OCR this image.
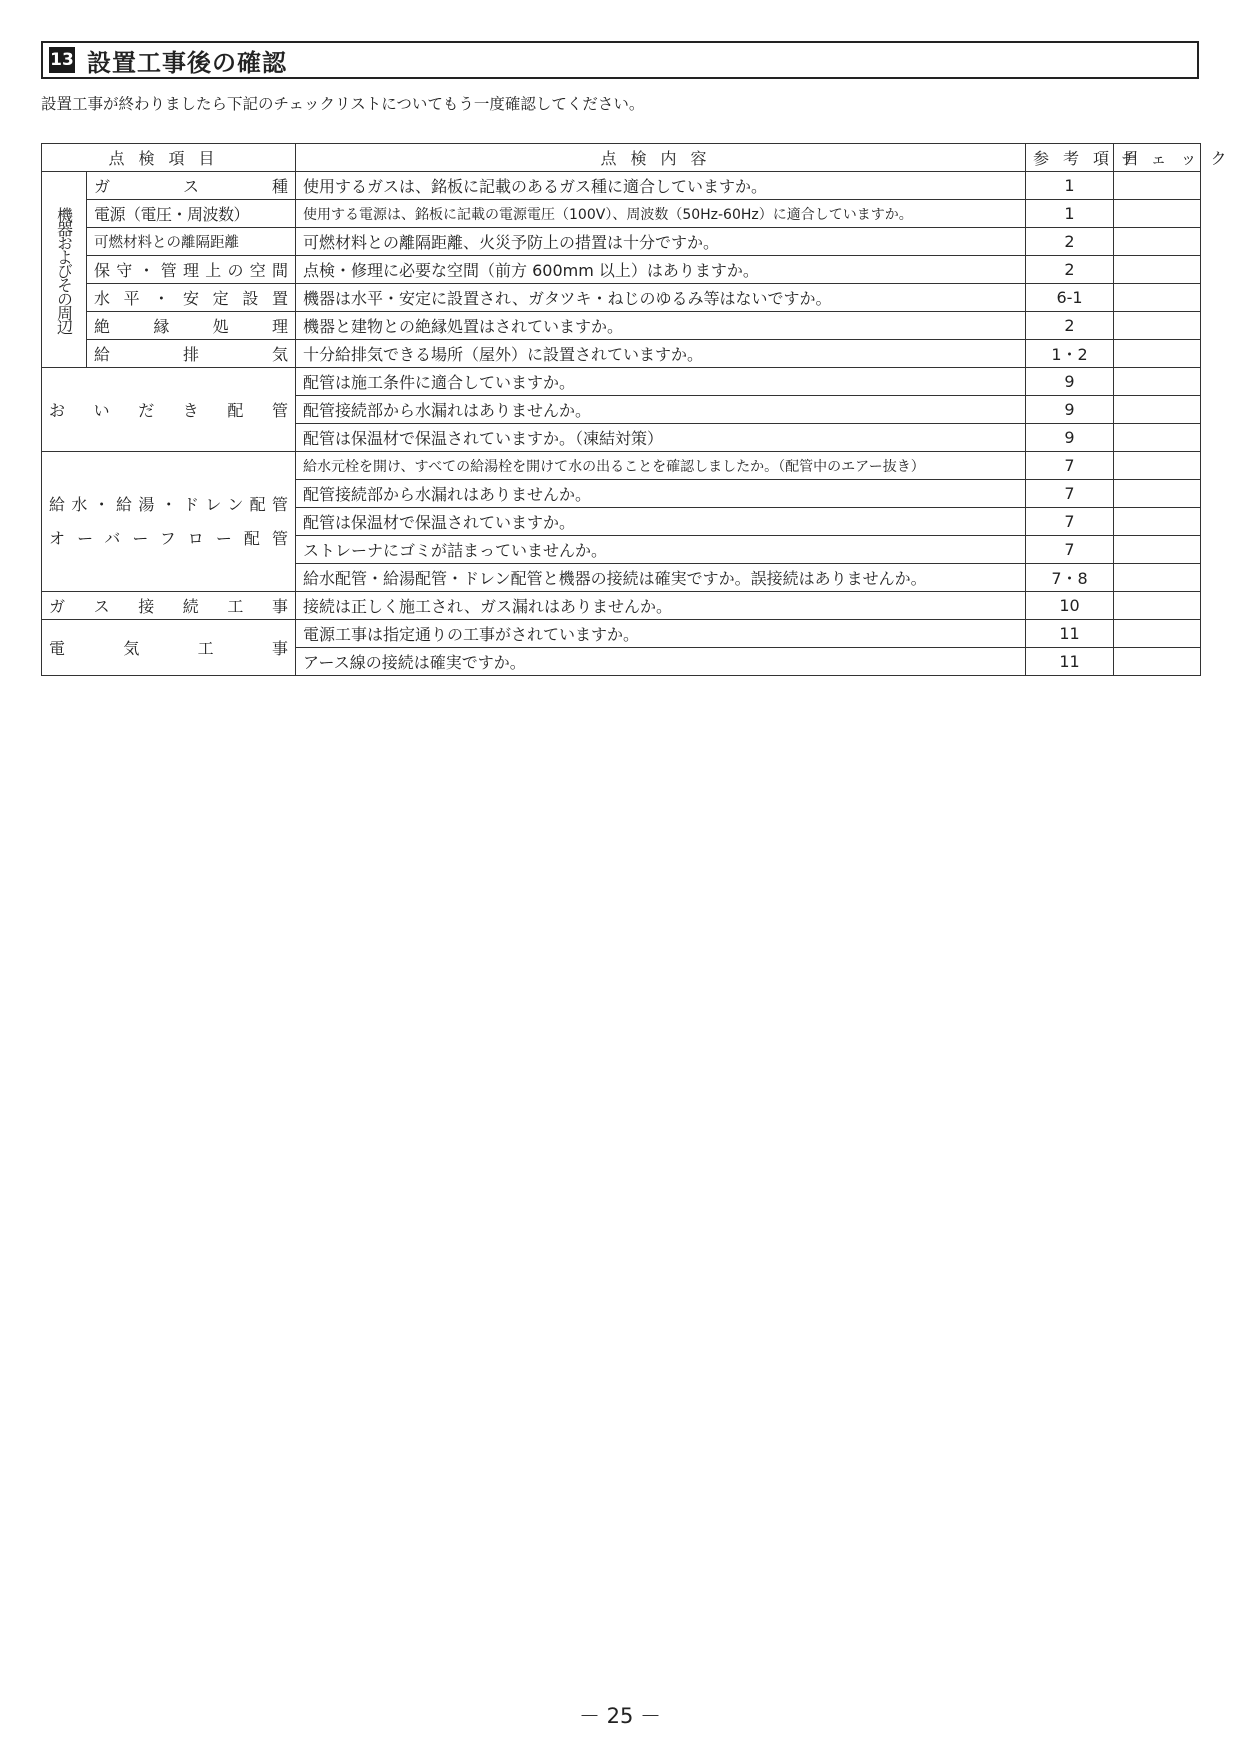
13 設置工事後の確認
設置工事が終わりましたら下記のチェックリストについてもう一度確認してください。
点検項目		点検内容	参考項目	チェック
機器およびその周辺	ガス種	使用するガスは、銘板に記載のあるガス種に適合していますか。	1	
	電源（電圧・周波数）	使用する電源は、銘板に記載の電源電圧（100V）、周波数（50Hz-60Hz）に適合していますか。	1	
	可燃材料との離隔距離	可燃材料との離隔距離、火災予防上の措置は十分ですか。	2	
	保守・管理上の空間	点検・修理に必要な空間（前方 600mm 以上）はありますか。	2	
	水平・安定設置	機器は水平・安定に設置され、ガタツキ・ねじのゆるみ等はないですか。	6-1	
	絶縁処理	機器と建物との絶縁処置はされていますか。	2	
	給排気	十分給排気できる場所（屋外）に設置されていますか。	1・2	
おいだき配管		配管は施工条件に適合していますか。	9	
		配管接続部から水漏れはありませんか。	9	
		配管は保温材で保温されていますか。（凍結対策）	9	

給水・給湯・ドレン配管
オーバーフロー配管		給水元栓を開け、すべての給湯栓を開けて水の出ることを確認しましたか。（配管中のエアー抜き）	7	
		配管接続部から水漏れはありませんか。	7	
		配管は保温材で保温されていますか。	7	
		ストレーナにゴミが詰まっていませんか。	7	
		給水配管・給湯配管・ドレン配管と機器の接続は確実ですか。誤接続はありませんか。	7・8	
ガス接続工事		接続は正しく施工され、ガス漏れはありませんか。	10	
電気工事		電源工事は指定通りの工事がされていますか。	11	
		アース線の接続は確実ですか。	11	
－ 25 －
